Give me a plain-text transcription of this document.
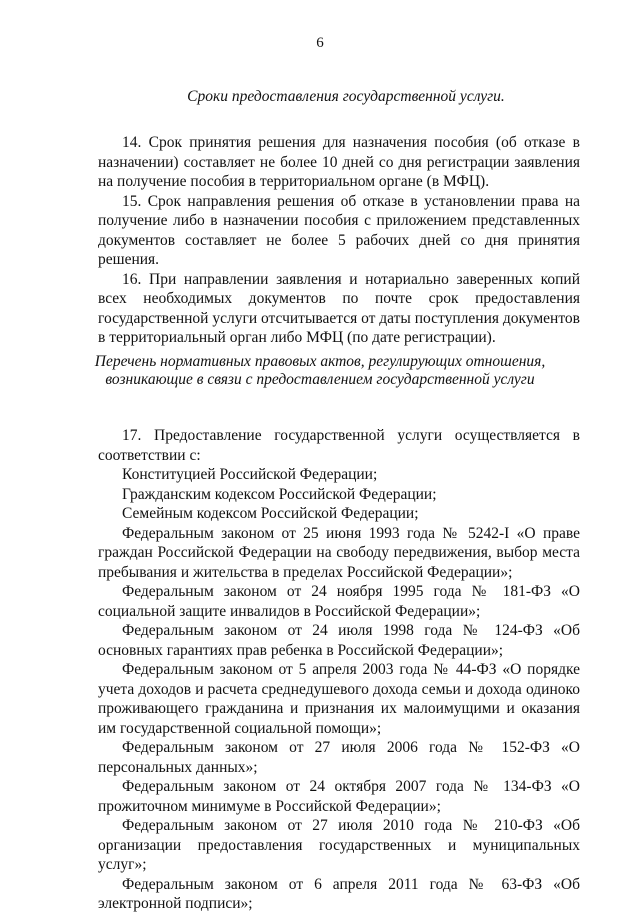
6
Сроки предоставления государственной услуги.

14. Срок принятия решения для назначения пособия (об отказе в назначении) составляет не более 10 дней со дня регистрации заявления на получение пособия в территориальном органе (в МФЦ).

15. Срок направления решения об отказе в установлении права на получение либо в назначении пособия с приложением представленных документов составляет не более 5 рабочих дней со дня принятия решения.

16. При направлении заявления и нотариально заверенных копий всех необходимых документов по почте срок предоставления государственной услуги отсчитывается от даты поступления документов в территориальный орган либо МФЦ (по дате регистрации).

Перечень нормативных правовых актов, регулирующих отношения,
возникающие в связи с предоставлением государственной услуги

17. Предоставление государственной услуги осуществляется в соответствии с:

Конституцией Российской Федерации;

Гражданским кодексом Российской Федерации;

Семейным кодексом Российской Федерации;

Федеральным законом от 25 июня 1993 года № 5242-I «О праве граждан Российской Федерации на свободу передвижения, выбор места пребывания и жительства в пределах Российской Федерации»;

Федеральным законом от 24 ноября 1995 года № 181-ФЗ «О социальной защите инвалидов в Российской Федерации»;

Федеральным законом от 24 июля 1998 года № 124-ФЗ «Об основных гарантиях прав ребенка в Российской Федерации»;

Федеральным законом от 5 апреля 2003 года № 44-ФЗ «О порядке учета доходов и расчета среднедушевого дохода семьи и дохода одиноко проживающего гражданина и признания их малоимущими и оказания им государственной социальной помощи»;

Федеральным законом от 27 июля 2006 года № 152-ФЗ «О персональных данных»;

Федеральным законом от 24 октября 2007 года № 134-ФЗ «О прожиточном минимуме в Российской Федерации»;

Федеральным законом от 27 июля 2010 года № 210-ФЗ «Об организации предоставления государственных и муниципальных услуг»;

Федеральным законом от 6 апреля 2011 года № 63-ФЗ «Об электронной подписи»;
